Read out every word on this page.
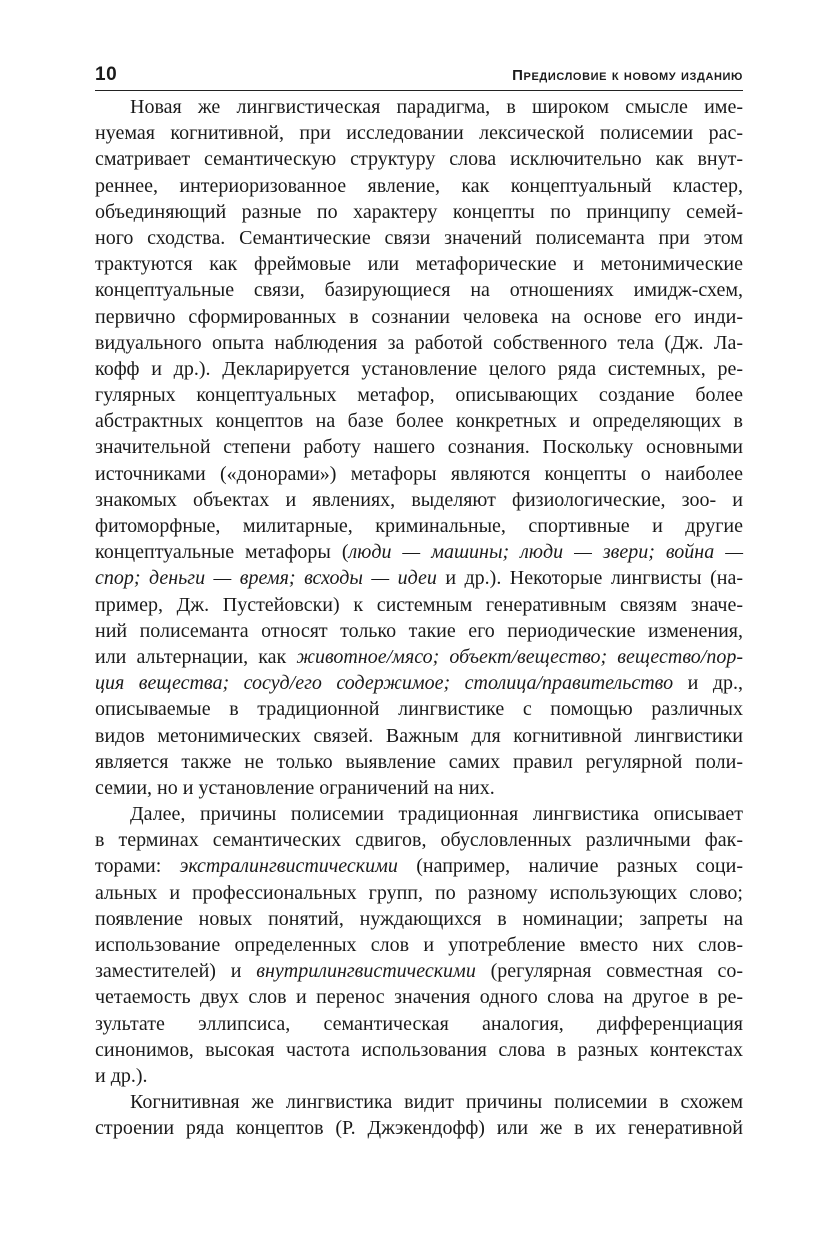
10	Предисловие к новому изданию
Новая же лингвистическая парадигма, в широком смысле име-
нуемая когнитивной, при исследовании лексической полисемии рас-
сматривает семантическую структуру слова исключительно как внут-
реннее, интериоризованное явление, как концептуальный кластер,
объединяющий разные по характеру концепты по принципу семей-
ного сходства. Семантические связи значений полисеманта при этом
трактуются как фреймовые или метафорические и метонимические
концептуальные связи, базирующиеся на отношениях имидж-схем,
первично сформированных в сознании человека на основе его инди-
видуального опыта наблюдения за работой собственного тела (Дж. Ла-
кофф и др.). Декларируется установление целого ряда системных, ре-
гулярных концептуальных метафор, описывающих создание более
абстрактных концептов на базе более конкретных и определяющих в
значительной степени работу нашего сознания. Поскольку основными
источниками («донорами») метафоры являются концепты о наиболее
знакомых объектах и явлениях, выделяют физиологические, зоо- и
фитоморфные, милитарные, криминальные, спортивные и другие
концептуальные метафоры (люди — машины; люди — звери; война —
спор; деньги — время; всходы — идеи и др.). Некоторые лингвисты (на-
пример, Дж. Пустейовски) к системным генеративным связям значе-
ний полисеманта относят только такие его периодические изменения,
или альтернации, как животное/мясо; объект/вещество; вещество/пор-
ция вещества; сосуд/его содержимое; столица/правительство и др.,
описываемые в традиционной лингвистике с помощью различных
видов метонимических связей. Важным для когнитивной лингвистики
является также не только выявление самих правил регулярной поли-
семии, но и установление ограничений на них.
Далее, причины полисемии традиционная лингвистика описывает
в терминах семантических сдвигов, обусловленных различными фак-
торами: экстралингвистическими (например, наличие разных соци-
альных и профессиональных групп, по разному использующих слово;
появление новых понятий, нуждающихся в номинации; запреты на
использование определенных слов и употребление вместо них слов-
заместителей) и внутрилингвистическими (регулярная совместная со-
четаемость двух слов и перенос значения одного слова на другое в ре-
зультате эллипсиса, семантическая аналогия, дифференциация
синонимов, высокая частота использования слова в разных контекстах
и др.).
Когнитивная же лингвистика видит причины полисемии в схожем
строении ряда концептов (Р. Джэкендофф) или же в их генеративной
